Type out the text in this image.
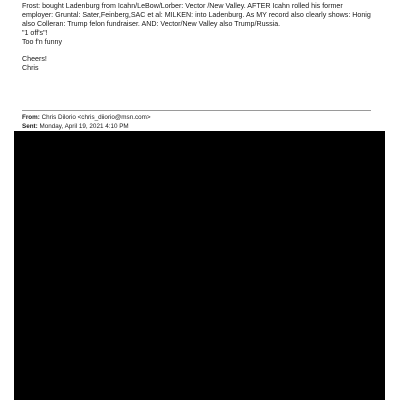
Frost: bought Ladenburg from Icahn/LeBow/Lorber: Vector /New Valley. AFTER Icahn rolled his former
employer: Gruntal: Sater,Feinberg,SAC et al: MILKEN: into Ladenburg. As MY record also clearly shows: Honig
also Colleran: Trump felon fundraiser. AND: Vector/New Valley also Trump/Russia.
"1 off's"!
Too f'n funny
Cheers!
Chris
From: Chris Dilorio <chris_diiorio@msn.com>
Sent: Monday, April 19, 2021 4:10 PM
